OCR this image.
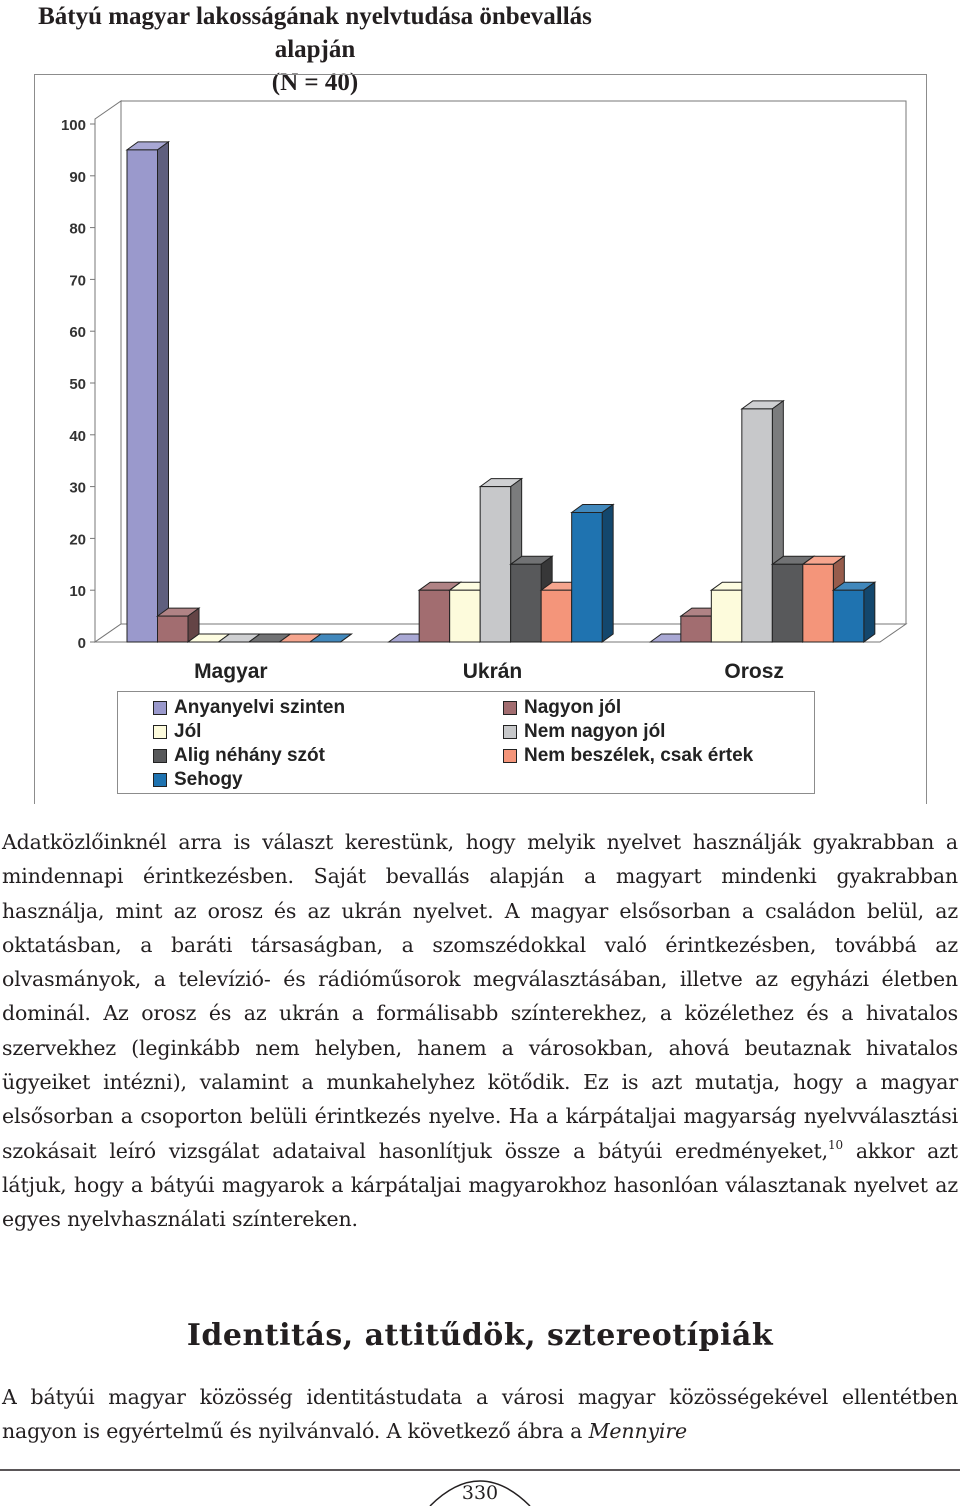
Bátyú magyar lakosságának nyelvtudása önbevallás alapján
(N = 40)
0
10
20
30
40
50
60
70
80
90
100
Magyar	Ukrán	Orosz
Anyanyelvi szinten	Nagyon jól
Jól	Nem nagyon jól
Alig néhány szót	Nem beszélek, csak értek
Sehogy

Adatközlőinknél arra is választ kerestünk, hogy melyik nyelvet használják gyakrabban a mindennapi érintkezésben. Saját bevallás alapján a magyart mindenki gyakrabban használja, mint az orosz és az ukrán nyelvet. A magyar elsősorban a családon belül, az oktatásban, a baráti társaságban, a szomszédokkal való érintkezésben, továbbá az olvasmányok, a televízió- és rádióműsorok megválasztásában, illetve az egyházi életben dominál. Az orosz és az ukrán a formálisabb színterekhez, a közélethez és a hivatalos szervekhez (leginkább nem helyben, hanem a városokban, ahová beutaznak hivatalos ügyeiket intézni), valamint a munkahelyhez kötődik. Ez is azt mutatja, hogy a magyar elsősorban a csoporton belüli érintkezés nyelve. Ha a kárpátaljai magyarság nyelvválasztási szokásait leíró vizsgálat adataival hasonlítjuk össze a bátyúi eredményeket,$^{10}$ akkor azt látjuk, hogy a bátyúi magyarok a kárpátaljai magyarokhoz hasonlóan választanak nyelvet az egyes nyelvhasználati színtereken.

Identitás, attitűdök, sztereotípiák

A bátyúi magyar közösség identitástudata a városi magyar közösségekével ellentétben nagyon is egyértelmű és nyilvánvaló. A következő ábra a Mennyire

330
